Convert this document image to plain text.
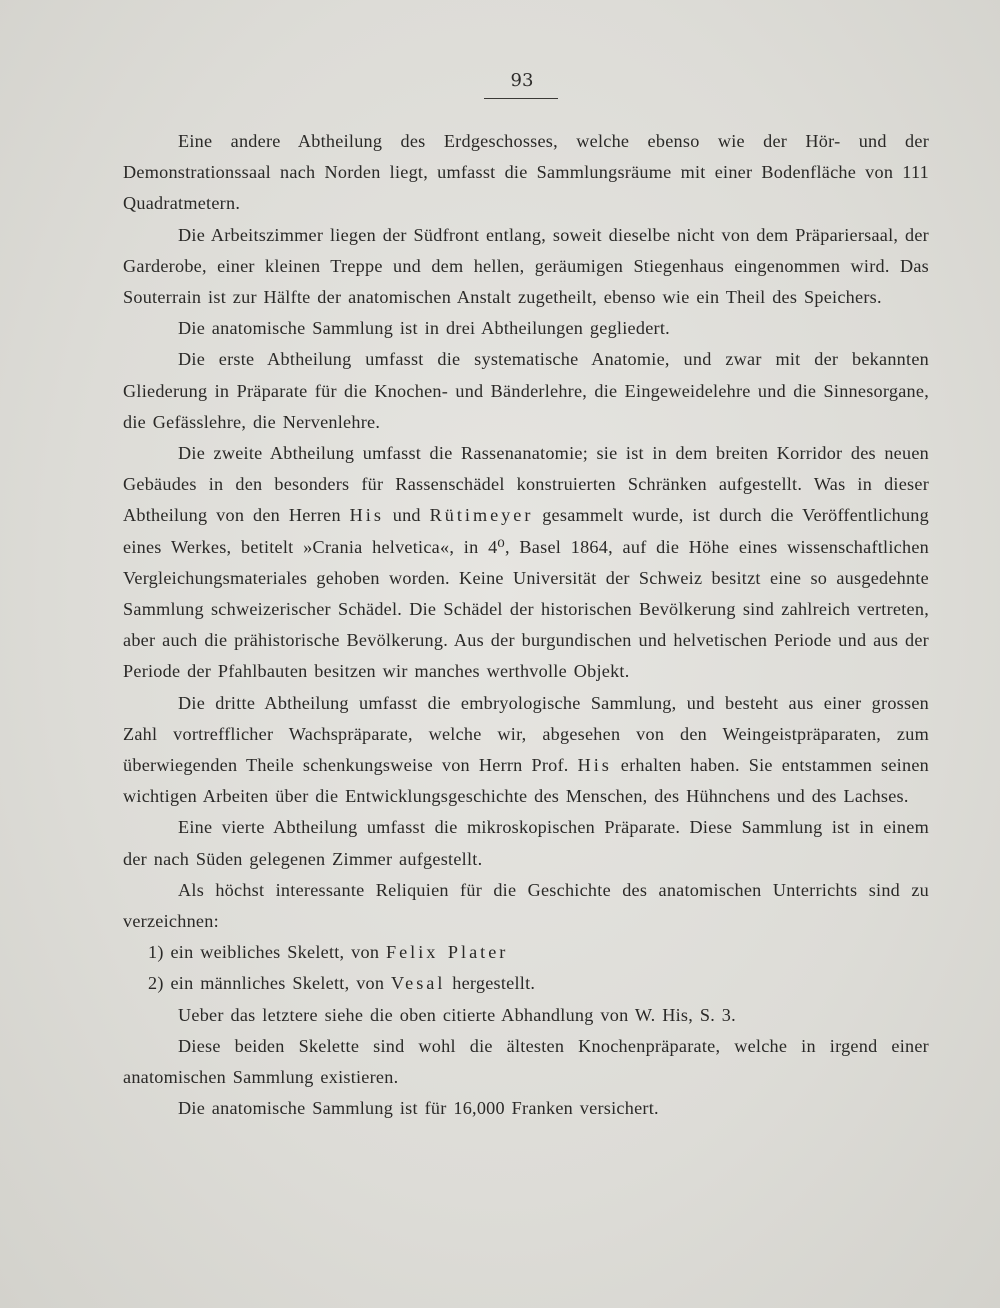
93

Eine andere Abtheilung des Erdgeschosses, welche ebenso wie der Hör- und der Demonstrationssaal nach Norden liegt, umfasst die Sammlungsräume mit einer Bodenfläche von 111 Quadratmetern.

Die Arbeitszimmer liegen der Südfront entlang, soweit dieselbe nicht von dem Präpariersaal, der Garderobe, einer kleinen Treppe und dem hellen, geräumigen Stiegenhaus eingenommen wird. Das Souterrain ist zur Hälfte der anatomischen Anstalt zugetheilt, ebenso wie ein Theil des Speichers.

Die anatomische Sammlung ist in drei Abtheilungen gegliedert.

Die erste Abtheilung umfasst die systematische Anatomie, und zwar mit der bekannten Gliederung in Präparate für die Knochen- und Bänderlehre, die Eingeweidelehre und die Sinnesorgane, die Gefässlehre, die Nervenlehre.

Die zweite Abtheilung umfasst die Rassenanatomie; sie ist in dem breiten Korridor des neuen Gebäudes in den besonders für Rassenschädel konstruierten Schränken aufgestellt. Was in dieser Abtheilung von den Herren His und Rütimeyer gesammelt wurde, ist durch die Veröffentlichung eines Werkes, betitelt »Crania helvetica«, in 4⁰, Basel 1864, auf die Höhe eines wissenschaftlichen Vergleichungsmateriales gehoben worden. Keine Universität der Schweiz besitzt eine so ausgedehnte Sammlung schweizerischer Schädel. Die Schädel der historischen Bevölkerung sind zahlreich vertreten, aber auch die prähistorische Bevölkerung. Aus der burgundischen und helvetischen Periode und aus der Periode der Pfahlbauten besitzen wir manches werthvolle Objekt.

Die dritte Abtheilung umfasst die embryologische Sammlung, und besteht aus einer grossen Zahl vortrefflicher Wachspräparate, welche wir, abgesehen von den Weingeistpräparaten, zum überwiegenden Theile schenkungsweise von Herrn Prof. His erhalten haben. Sie entstammen seinen wichtigen Arbeiten über die Entwicklungsgeschichte des Menschen, des Hühnchens und des Lachses.

Eine vierte Abtheilung umfasst die mikroskopischen Präparate. Diese Sammlung ist in einem der nach Süden gelegenen Zimmer aufgestellt.

Als höchst interessante Reliquien für die Geschichte des anatomischen Unterrichts sind zu verzeichnen:

1) ein weibliches Skelett, von Felix Plater

2) ein männliches Skelett, von Vesal hergestellt.

Ueber das letztere siehe die oben citierte Abhandlung von W. His, S. 3.

Diese beiden Skelette sind wohl die ältesten Knochenpräparate, welche in irgend einer anatomischen Sammlung existieren.

Die anatomische Sammlung ist für 16,000 Franken versichert.
